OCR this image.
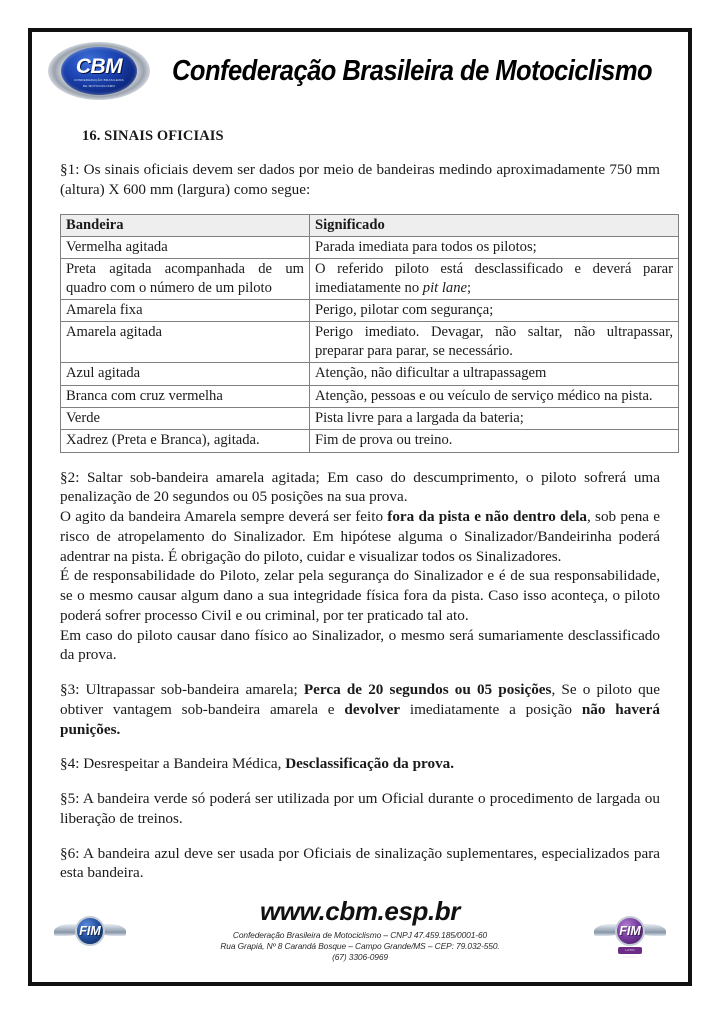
CBM
CONFEDERAÇÃO BRASILEIRA
DE MOTOCICLISMO Confederação Brasileira de Motociclismo
16. SINAIS OFICIAIS

§1: Os sinais oficiais devem ser dados por meio de bandeiras medindo aproximadamente 750 mm (altura) X 600 mm (largura) como segue:

Bandeira	Significado
Vermelha agitada	Parada imediata para todos os pilotos;
Preta agitada acompanhada de um quadro com o número de um piloto	O referido piloto está desclassificado e deverá parar imediatamente no pit lane;
Amarela fixa	Perigo, pilotar com segurança;
Amarela agitada	Perigo imediato. Devagar, não saltar, não ultrapassar, preparar para parar, se necessário.
Azul agitada	Atenção, não dificultar a ultrapassagem
Branca com cruz vermelha	Atenção, pessoas e ou veículo de serviço médico na pista.
Verde	Pista livre para a largada da bateria;
Xadrez (Preta e Branca), agitada.	Fim de prova ou treino.

§2: Saltar sob-bandeira amarela agitada; Em caso do descumprimento, o piloto sofrerá uma penalização de 20 segundos ou 05 posições na sua prova.

O agito da bandeira Amarela sempre deverá ser feito fora da pista e não dentro dela, sob pena e risco de atropelamento do Sinalizador. Em hipótese alguma o Sinalizador/Bandeirinha poderá adentrar na pista. É obrigação do piloto, cuidar e visualizar todos os Sinalizadores.

É de responsabilidade do Piloto, zelar pela segurança do Sinalizador e é de sua responsabilidade, se o mesmo causar algum dano a sua integridade física fora da pista. Caso isso aconteça, o piloto poderá sofrer processo Civil e ou criminal, por ter praticado tal ato.

Em caso do piloto causar dano físico ao Sinalizador, o mesmo será sumariamente desclassificado da prova.

§3: Ultrapassar sob-bandeira amarela; Perca de 20 segundos ou 05 posições, Se o piloto que obtiver vantagem sob-bandeira amarela e devolver imediatamente a posição não haverá punições.

§4: Desrespeitar a Bandeira Médica, Desclassificação da prova.

§5: A bandeira verde só poderá ser utilizada por um Oficial durante o procedimento de largada ou liberação de treinos.

§6: A bandeira azul deve ser usada por Oficiais de sinalização suplementares, especializados para esta bandeira.

FIM
www.cbm.esp.br
Confederação Brasileira de Motociclismo – CNPJ 47.459.185/0001-60
Rua Grapiá, Nº 8 Carandá Bosque – Campo Grande/MS – CEP: 79.032-550.
(67) 3306-0969
FIM
LATIN AMERICA
